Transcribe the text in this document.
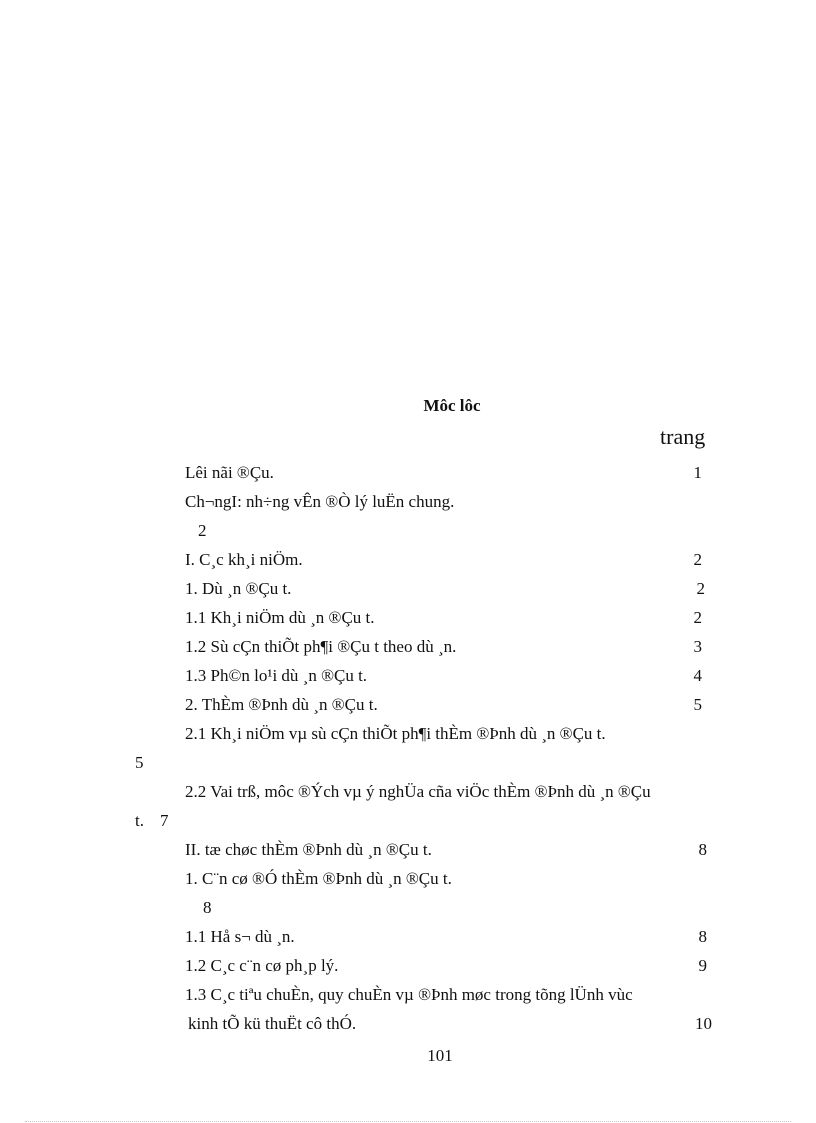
Môc lôc
trang
Lêi nãi ®Çu.	1
Ch¬ngI: nh÷ng vÊn ®Ò lý luËn chung.
2
I. C¸c kh¸i niÖm.	2
1. Dù ¸n ®Çu t.	2
1.1 Kh¸i niÖm dù ¸n ®Çu t.	2
1.2 Sù cÇn thiÕt ph¶i ®Çu t theo dù ¸n.	3
1.3 Ph©n lo¹i dù ¸n ®Çu t.	4
2. ThÈm ®Þnh dù ¸n ®Çu t.	5
2.1 Kh¸i niÖm vµ sù cÇn thiÕt ph¶i thÈm ®Þnh dù ¸n ®Çu t.
5
2.2 Vai trß, môc ®Ých vµ ý nghÜa cña viÖc thÈm ®Þnh dù ¸n ®Çu
t. 7
II. tæ chøc thÈm ®Þnh dù ¸n ®Çu t.	8
1. C¨n cø ®Ó thÈm ®Þnh dù ¸n ®Çu t.
8
1.1 Hå s¬ dù ¸n.	8
1.2 C¸c c¨n cø ph¸p lý.	9
1.3 C¸c tiªu chuÈn, quy chuÈn vµ ®Þnh møc trong tõng lÜnh vùc
kinh tÕ kü thuËt cô thÓ.	10
101
